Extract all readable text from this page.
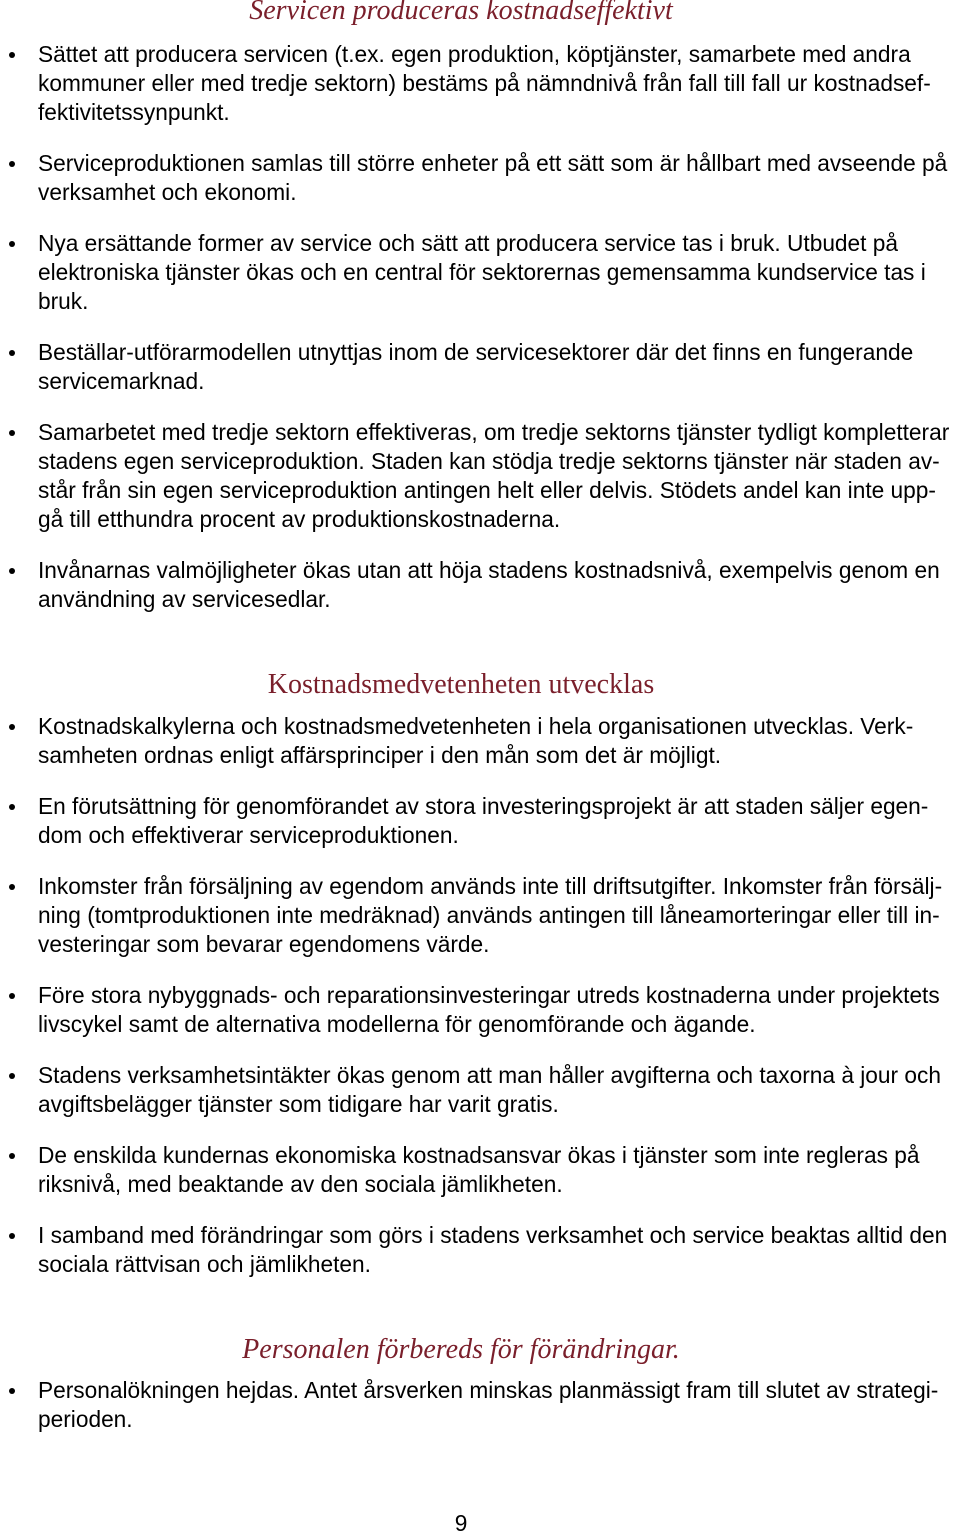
Servicen produceras kostnadseffektivt
Sättet att producera servicen (t.ex. egen produktion, köptjänster, samarbete med andra
kommuner eller med tredje sektorn) bestäms på nämndnivå från fall till fall ur kostnadsef-
fektivitetssynpunkt.
Serviceproduktionen samlas till större enheter på ett sätt som är hållbart med avseende på
verksamhet och ekonomi.
Nya ersättande former av service och sätt att producera service tas i bruk. Utbudet på
elektroniska tjänster ökas och en central för sektorernas gemensamma kundservice tas i
bruk.
Beställar-utförarmodellen utnyttjas inom de servicesektorer där det finns en fungerande
servicemarknad.
Samarbetet med tredje sektorn effektiveras, om tredje sektorns tjänster tydligt kompletterar
stadens egen serviceproduktion. Staden kan stödja tredje sektorns tjänster när staden av-
står från sin egen serviceproduktion antingen helt eller delvis. Stödets andel kan inte upp-
gå till etthundra procent av produktionskostnaderna.
Invånarnas valmöjligheter ökas utan att höja stadens kostnadsnivå, exempelvis genom en
användning av servicesedlar.
Kostnadsmedvetenheten utvecklas
Kostnadskalkylerna och kostnadsmedvetenheten i hela organisationen utvecklas. Verk-
samheten ordnas enligt affärsprinciper i den mån som det är möjligt.
En förutsättning för genomförandet av stora investeringsprojekt är att staden säljer egen-
dom och effektiverar serviceproduktionen.
Inkomster från försäljning av egendom används inte till driftsutgifter. Inkomster från försälj-
ning (tomtproduktionen inte medräknad) används antingen till låneamorteringar eller till in-
vesteringar som bevarar egendomens värde.
Före stora nybyggnads- och reparationsinvesteringar utreds kostnaderna under projektets
livscykel samt de alternativa modellerna för genomförande och ägande.
Stadens verksamhetsintäkter ökas genom att man håller avgifterna och taxorna à jour och
avgiftsbelägger tjänster som tidigare har varit gratis.
De enskilda kundernas ekonomiska kostnadsansvar ökas i tjänster som inte regleras på
riksnivå, med beaktande av den sociala jämlikheten.
I samband med förändringar som görs i stadens verksamhet och service beaktas alltid den
sociala rättvisan och jämlikheten.
Personalen förbereds för förändringar.
Personalökningen hejdas. Antet årsverken minskas planmässigt fram till slutet av strategi-
perioden.
9
